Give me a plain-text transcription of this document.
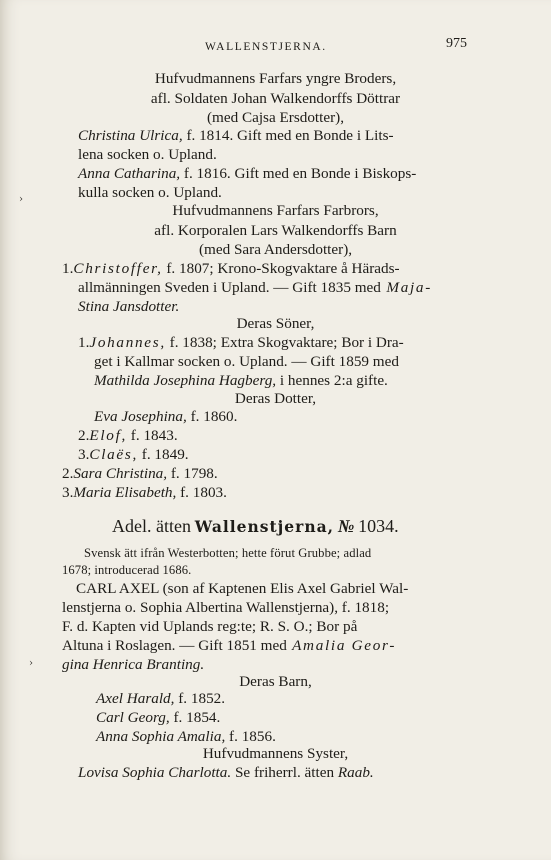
WALLENSTJERNA.	975
Hufvudmannens Farfars yngre Broders,
afl. Soldaten Johan Walkendorffs Döttrar
(med Cajsa Ersdotter),
Christina Ulrica, f. 1814. Gift med en Bonde i Lits-
lena socken o. Upland.
Anna Catharina, f. 1816. Gift med en Bonde i Biskops-
kulla socken o. Upland.
Hufvudmannens Farfars Farbrors,
afl. Korporalen Lars Walkendorffs Barn
(med Sara Andersdotter),
1.Christoffer, f. 1807; Krono-Skogvaktare å Härads-
allmänningen Sveden i Upland. — Gift 1835 med Maja-
Stina Jansdotter.
Deras Söner,
1.Johannes, f. 1838; Extra Skogvaktare; Bor i Dra-
get i Kallmar socken o. Upland. — Gift 1859 med
Mathilda Josephina Hagberg, i hennes 2:a gifte.
Deras Dotter,
Eva Josephina, f. 1860.
2.Elof, f. 1843.
3.Claës, f. 1849.
2.Sara Christina, f. 1798.
3.Maria Elisabeth, f. 1803.
Adel. ätten Wallenstjerna, № 1034.
Svensk ätt ifrån Westerbotten; hette förut Grubbe; adlad
1678; introducerad 1686.
CARL AXEL (son af Kaptenen Elis Axel Gabriel Wal-
lenstjerna o. Sophia Albertina Wallenstjerna), f. 1818;
F. d. Kapten vid Uplands reg:te; R. S. O.; Bor på
Altuna i Roslagen. — Gift 1851 med Amalia Geor-
gina Henrica Branting.
Deras Barn,
Axel Harald, f. 1852.
Carl Georg, f. 1854.
Anna Sophia Amalia, f. 1856.
Hufvudmannens Syster,
Lovisa Sophia Charlotta. Se friherrl. ätten Raab.
›
›
